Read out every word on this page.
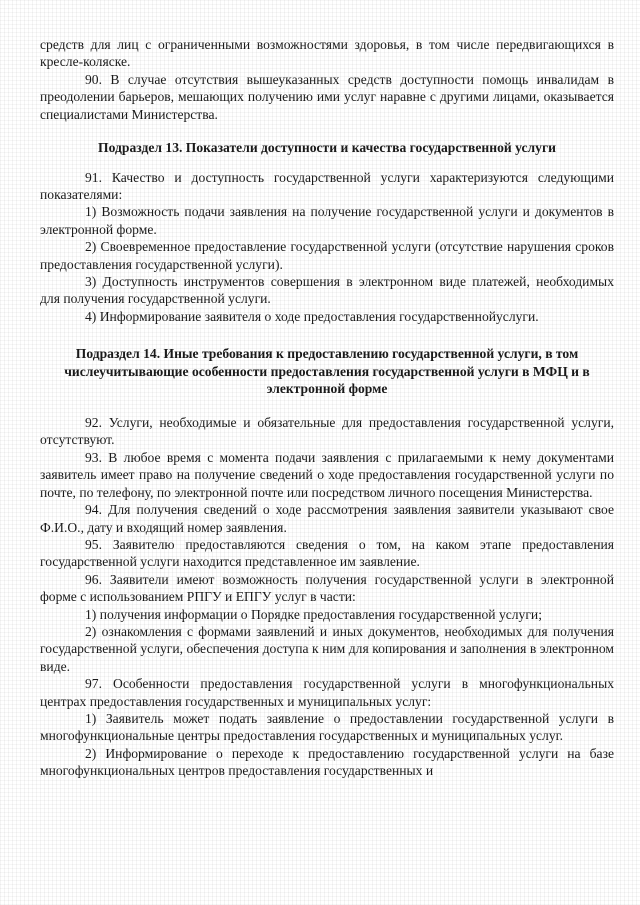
средств для лиц с ограниченными возможностями здоровья, в том числе передвигающихся в кресле-коляске.

90. В случае отсутствия вышеуказанных средств доступности помощь инвалидам в преодолении барьеров, мешающих получению ими услуг наравне с другими лицами, оказывается специалистами Министерства.

Подраздел 13. Показатели доступности и качества государственной услуги

91. Качество и доступность государственной услуги характеризуются следующими показателями:

1) Возможность подачи заявления на получение государственной услуги и документов в электронной форме.

2) Своевременное предоставление государственной услуги (отсутствие нарушения сроков предоставления государственной услуги).

3) Доступность инструментов совершения в электронном виде платежей, необходимых для получения государственной услуги.

4) Информирование заявителя о ходе предоставления государственнойуслуги.

Подраздел 14. Иные требования к предоставлению государственной услуги, в том числеучитывающие особенности предоставления государственной услуги в МФЦ и в электронной форме

92. Услуги, необходимые и обязательные для предоставления государственной услуги, отсутствуют.

93. В любое время с момента подачи заявления с прилагаемыми к нему документами заявитель имеет право на получение сведений о ходе предоставления государственной услуги по почте, по телефону, по электронной почте или посредством личного посещения Министерства.

94. Для получения сведений о ходе рассмотрения заявления заявители указывают свое Ф.И.О., дату и входящий номер заявления.

95. Заявителю предоставляются сведения о том, на каком этапе предоставления государственной услуги находится представленное им заявление.

96. Заявители имеют возможность получения государственной услуги в электронной форме с использованием РПГУ и ЕПГУ услуг в части:

1) получения информации о Порядке предоставления государственной услуги;

2) ознакомления с формами заявлений и иных документов, необходимых для получения государственной услуги, обеспечения доступа к ним для копирования и заполнения в электронном виде.

97. Особенности предоставления государственной услуги в многофункциональных центрах предоставления государственных и муниципальных услуг:

1) Заявитель может подать заявление о предоставлении государственной услуги в многофункциональные центры предоставления государственных и муниципальных услуг.

2) Информирование о переходе к предоставлению государственной услуги на базе многофункциональных центров предоставления государственных и
